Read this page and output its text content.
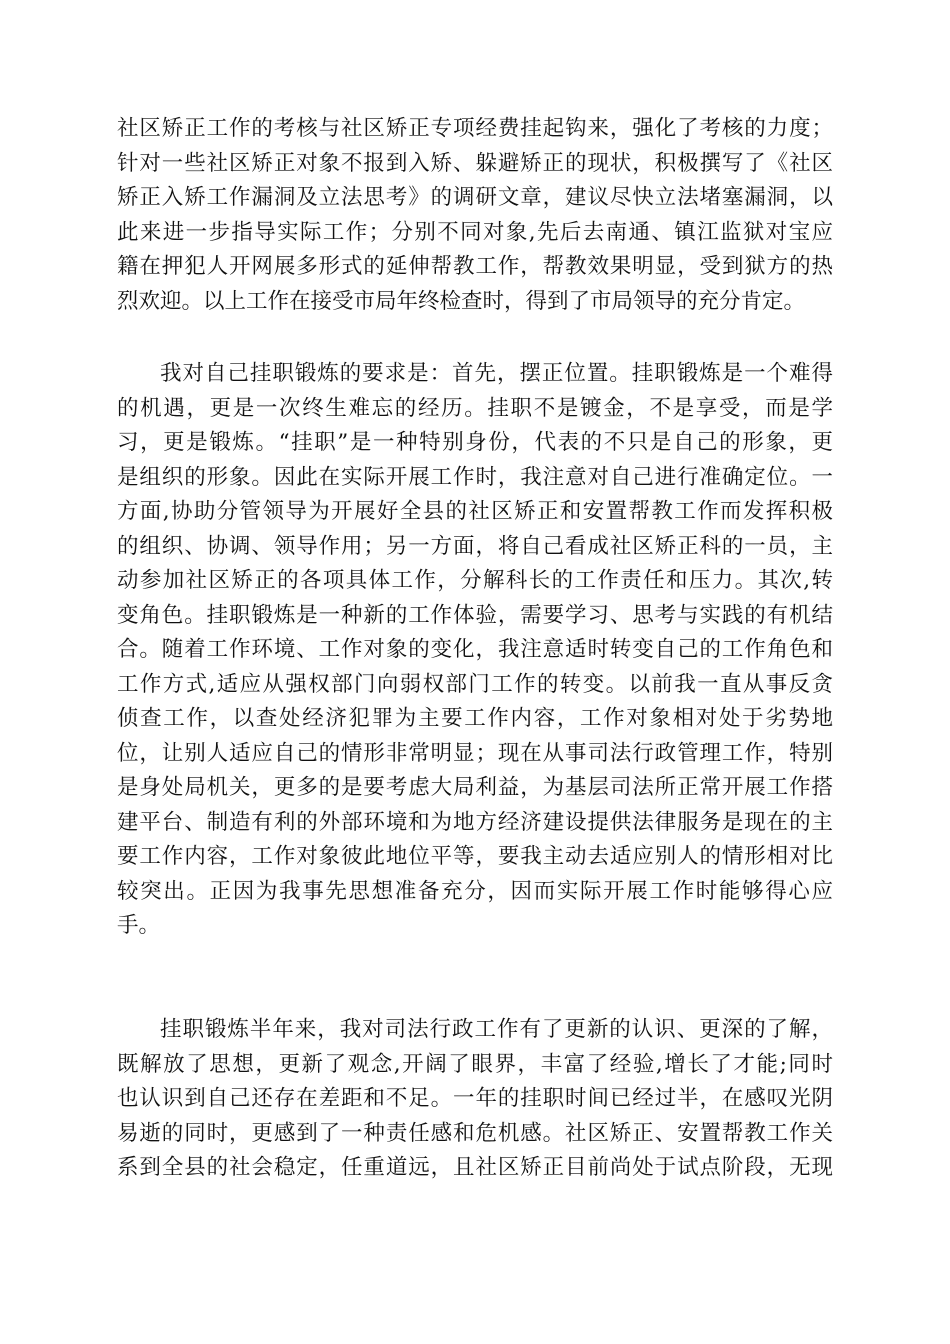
社区矫正工作的考核与社区矫正专项经费挂起钩来，强化了考核的力度；
针对一些社区矫正对象不报到入矫、躲避矫正的现状，积极撰写了《社区
矫正入矫工作漏洞及立法思考》的调研文章，建议尽快立法堵塞漏洞，以
此来进一步指导实际工作；分别不同对象,先后去南通、镇江监狱对宝应
籍在押犯人开网展多形式的延伸帮教工作，帮教效果明显，受到狱方的热
烈欢迎。以上工作在接受市局年终检查时，得到了市局领导的充分肯定。
我对自己挂职锻炼的要求是：首先，摆正位置。挂职锻炼是一个难得
的机遇，更是一次终生难忘的经历。挂职不是镀金，不是享受，而是学
习，更是锻炼。“挂职”是一种特别身份，代表的不只是自己的形象，更
是组织的形象。因此在实际开展工作时，我注意对自己进行准确定位。一
方面,协助分管领导为开展好全县的社区矫正和安置帮教工作而发挥积极
的组织、协调、领导作用；另一方面，将自己看成社区矫正科的一员，主
动参加社区矫正的各项具体工作，分解科长的工作责任和压力。其次,转
变角色。挂职锻炼是一种新的工作体验，需要学习、思考与实践的有机结
合。随着工作环境、工作对象的变化，我注意适时转变自己的工作角色和
工作方式,适应从强权部门向弱权部门工作的转变。以前我一直从事反贪
侦查工作，以查处经济犯罪为主要工作内容，工作对象相对处于劣势地
位，让别人适应自己的情形非常明显；现在从事司法行政管理工作，特别
是身处局机关，更多的是要考虑大局利益，为基层司法所正常开展工作搭
建平台、制造有利的外部环境和为地方经济建设提供法律服务是现在的主
要工作内容，工作对象彼此地位平等，要我主动去适应别人的情形相对比
较突出。正因为我事先思想准备充分，因而实际开展工作时能够得心应
手。
挂职锻炼半年来，我对司法行政工作有了更新的认识、更深的了解，
既解放了思想，更新了观念,开阔了眼界，丰富了经验,增长了才能;同时
也认识到自己还存在差距和不足。一年的挂职时间已经过半，在感叹光阴
易逝的同时，更感到了一种责任感和危机感。社区矫正、安置帮教工作关
系到全县的社会稳定，任重道远，且社区矫正目前尚处于试点阶段，无现
